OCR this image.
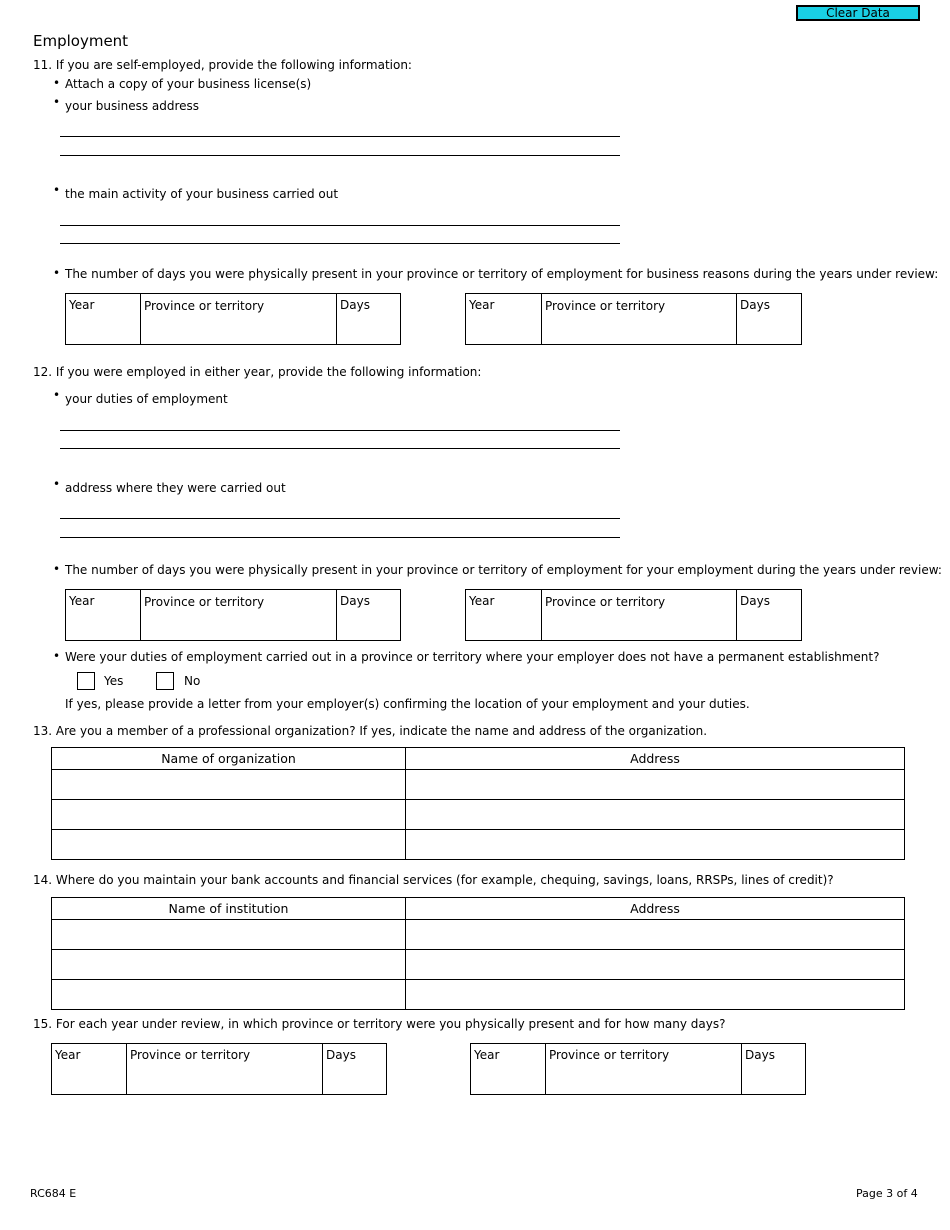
Clear Data
Employment
11. If you are self-employed, provide the following information:
• Attach a copy of your business license(s)
• your business address
• the main activity of your business carried out
• The number of days you were physically present in your province or territory of employment for business reasons during the years under review:
Year	Province or territory	Days	Year	Province or territory	Days
12. If you were employed in either year, provide the following information:
• your duties of employment
• address where they were carried out
• The number of days you were physically present in your province or territory of employment for your employment during the years under review:
Year	Province or territory	Days	Year	Province or territory	Days
• Were your duties of employment carried out in a province or territory where your employer does not have a permanent establishment?
Yes	No
If yes, please provide a letter from your employer(s) confirming the location of your employment and your duties.
13. Are you a member of a professional organization? If yes, indicate the name and address of the organization.
Name of organization	Address

14. Where do you maintain your bank accounts and financial services (for example, chequing, savings, loans, RRSPs, lines of credit)?
Name of institution	Address

15. For each year under review, in which province or territory were you physically present and for how many days?
Year	Province or territory	Days	Year	Province or territory	Days
RC684 E	Page 3 of 4
